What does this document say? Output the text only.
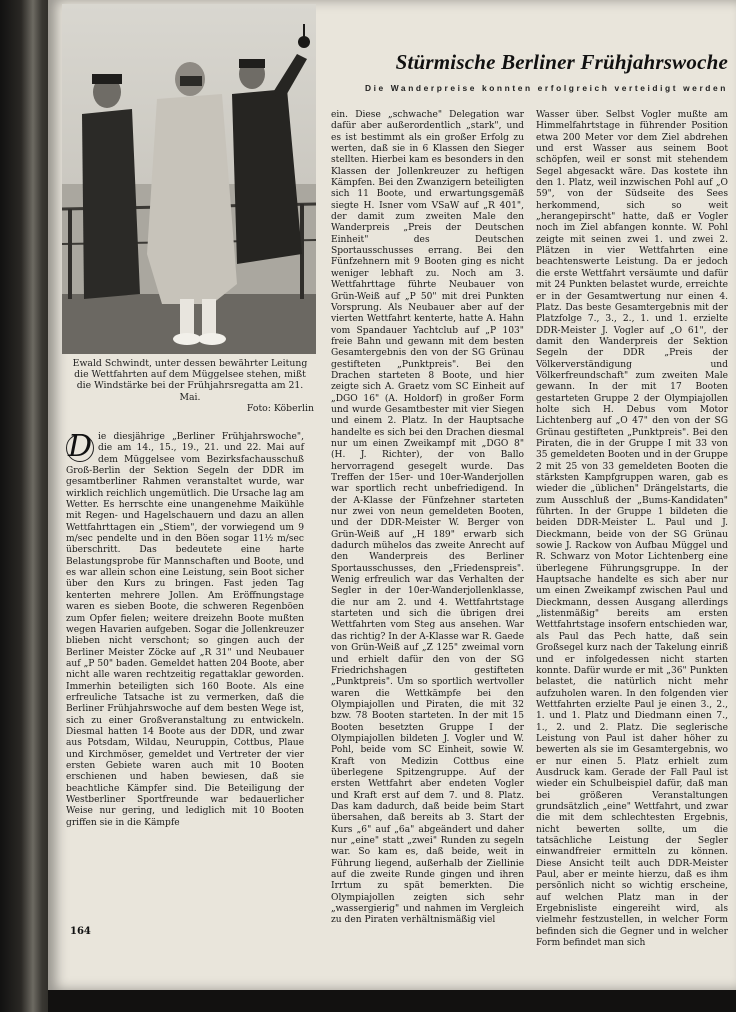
Ewald Schwindt, unter dessen bewährter Leitung die Wettfahrten auf dem Müggelsee stehen, mißt die Windstärke bei der Frühjahrsregatta am 21. Mai.
Foto: Köberlin
Stürmische Berliner Frühjahrswoche
Die Wanderpreise konnten erfolgreich verteidigt werden
D ie diesjährige „Berliner Frühjahrswoche", die am 14., 15., 19., 21. und 22. Mai auf dem Müggelsee vom Bezirksfachausschuß Groß-Berlin der Sektion Segeln der DDR im gesamtberliner Rahmen veranstaltet wurde, war wirklich reichlich ungemütlich. Die Ursache lag am Wetter. Es herrschte eine unangenehme Maikühle mit Regen- und Hagelschauern und dazu an allen Wettfahrttagen ein „Stiem", der vorwiegend um 9 m/sec pendelte und in den Böen sogar 11½ m/sec überschritt. Das bedeutete eine harte Belastungsprobe für Mannschaften und Boote, und es war allein schon eine Leistung, sein Boot sicher über den Kurs zu bringen. Fast jeden Tag kenterten mehrere Jollen. Am Eröffnungstage waren es sieben Boote, die schweren Regenböen zum Opfer fielen; weitere dreizehn Boote mußten wegen Havarien aufgeben. Sogar die Jollenkreuzer blieben nicht verschont; so gingen auch der Berliner Meister Zöcke auf „R 31" und Neubauer auf „P 50" baden. Gemeldet hatten 204 Boote, aber nicht alle waren rechtzeitig regattaklar geworden. Immerhin beteiligten sich 160 Boote. Als eine erfreuliche Tatsache ist zu vermerken, daß die Berliner Frühjahrswoche auf dem besten Wege ist, sich zu einer Großveranstaltung zu entwickeln. Diesmal hatten 14 Boote aus der DDR, und zwar aus Potsdam, Wildau, Neuruppin, Cottbus, Plaue und Kirchmöser, gemeldet und Vertreter der vier ersten Gebiete waren auch mit 10 Booten erschienen und haben bewiesen, daß sie beachtliche Kämpfer sind. Die Beteiligung der Westberliner Sportfreunde war bedauerlicher Weise nur gering, und lediglich mit 10 Booten griffen sie in die Kämpfe
ein. Diese „schwache" Delegation war dafür aber außerordentlich „stark", und es ist bestimmt als ein großer Erfolg zu werten, daß sie in 6 Klassen den Sieger stellten. Hierbei kam es besonders in den Klassen der Jollenkreuzer zu heftigen Kämpfen. Bei den Zwanzigern beteiligten sich 11 Boote, und erwartungsgemäß siegte H. Isner vom VSaW auf „R 401", der damit zum zweiten Male den Wanderpreis „Preis der Deutschen Einheit" des Deutschen Sportausschusses errang. Bei den Fünfzehnern mit 9 Booten ging es nicht weniger lebhaft zu. Noch am 3. Wettfahrttage führte Neubauer von Grün-Weiß auf „P 50" mit drei Punkten Vorsprung. Als Neubauer aber auf der vierten Wettfahrt kenterte, hatte A. Hahn vom Spandauer Yachtclub auf „P 103" freie Bahn und gewann mit dem besten Gesamtergebnis den von der SG Grünau gestifteten „Punktpreis". Bei den Drachen starteten 8 Boote, und hier zeigte sich A. Graetz vom SC Einheit auf „DGO 16" (A. Holdorf) in großer Form und wurde Gesamtbester mit vier Siegen und einem 2. Platz. In der Hauptsache handelte es sich bei den Drachen diesmal nur um einen Zweikampf mit „DGO 8" (H. J. Richter), der von Ballo hervorragend gesegelt wurde. Das Treffen der 15er- und 10er-Wanderjollen war sportlich recht unbefriedigend. In der A-Klasse der Fünfzehner starteten nur zwei von neun gemeldeten Booten, und der DDR-Meister W. Berger von Grün-Weiß auf „H 189" erwarb sich dadurch mühelos das zweite Anrecht auf den Wanderpreis des Berliner Sportausschusses, den „Friedenspreis". Wenig erfreulich war das Verhalten der Segler in der 10er-Wanderjollenklasse, die nur am 2. und 4. Wettfahrtstage starteten und sich die übrigen drei Wettfahrten vom Steg aus ansehen. War das richtig? In der A-Klasse war R. Gaede von Grün-Weiß auf „Z 125" zweimal vorn und erhielt dafür den von der SG Friedrichshagen gestifteten „Punktpreis". Um so sportlich wertvoller waren die Wettkämpfe bei den Olympiajollen und Piraten, die mit 32 bzw. 78 Booten starteten. In der mit 15 Booten besetzten Gruppe I der Olympiajollen bildeten J. Vogler und W. Pohl, beide vom SC Einheit, sowie W. Kraft von Medizin Cottbus eine überlegene Spitzengruppe. Auf der ersten Wettfahrt aber endeten Vogler und Kraft erst auf dem 7. und 8. Platz. Das kam dadurch, daß beide beim Start übersahen, daß bereits ab 3. Start der Kurs „6" auf „6a" abgeändert und daher nur „eine" statt „zwei" Runden zu segeln war. So kam es, daß beide, weit in Führung liegend, außerhalb der Ziellinie auf die zweite Runde gingen und ihren Irrtum zu spät bemerkten. Die Olympiajollen zeigten sich sehr „wassergierig" und nahmen im Vergleich zu den Piraten verhältnismäßig viel
Wasser über. Selbst Vogler mußte am Himmelfahrtstage in führender Position etwa 200 Meter vor dem Ziel abdrehen und erst Wasser aus seinem Boot schöpfen, weil er sonst mit stehendem Segel abgesackt wäre. Das kostete ihn den 1. Platz, weil inzwischen Pohl auf „O 59", von der Südseite des Sees herkommend, sich so weit „herangepirscht" hatte, daß er Vogler noch im Ziel abfangen konnte. W. Pohl zeigte mit seinen zwei 1. und zwei 2. Plätzen in vier Wettfahrten eine beachtenswerte Leistung. Da er jedoch die erste Wettfahrt versäumte und dafür mit 24 Punkten belastet wurde, erreichte er in der Gesamtwertung nur einen 4. Platz. Das beste Gesamtergebnis mit der Platzfolge 7., 3., 2., 1. und 1. erzielte DDR-Meister J. Vogler auf „O 61", der damit den Wanderpreis der Sektion Segeln der DDR „Preis der Völkerverständigung und Völkerfreundschaft" zum zweiten Male gewann. In der mit 17 Booten gestarteten Gruppe 2 der Olympiajollen holte sich H. Debus vom Motor Lichtenberg auf „O 47" den von der SG Grünau gestifteten „Punktpreis". Bei den Piraten, die in der Gruppe I mit 33 von 35 gemeldeten Booten und in der Gruppe 2 mit 25 von 33 gemeldeten Booten die stärksten Kampfgruppen waren, gab es wieder die „üblichen" Drängelstarts, die zum Ausschluß der „Bums-Kandidaten" führten. In der Gruppe 1 bildeten die beiden DDR-Meister L. Paul und J. Dieckmann, beide von der SG Grünau sowie J. Rackow von Aufbau Müggel und R. Schwarz von Motor Lichtenberg eine überlegene Führungsgruppe. In der Hauptsache handelte es sich aber nur um einen Zweikampf zwischen Paul und Dieckmann, dessen Ausgang allerdings „listenmäßig" bereits am ersten Wettfahrtstage insofern entschieden war, als Paul das Pech hatte, daß sein Großsegel kurz nach der Takelung einriß und er infolgedessen nicht starten konnte. Dafür wurde er mit „36" Punkten belastet, die natürlich nicht mehr aufzuholen waren. In den folgenden vier Wettfahrten erzielte Paul je einen 3., 2., 1. und 1. Platz und Diedmann einen 7., 1., 2. und 2. Platz. Die seglerische Leistung von Paul ist daher höher zu bewerten als sie im Gesamtergebnis, wo er nur einen 5. Platz erhielt zum Ausdruck kam. Gerade der Fall Paul ist wieder ein Schulbeispiel dafür, daß man bei größeren Veranstaltungen grundsätzlich „eine" Wettfahrt, und zwar die mit dem schlechtesten Ergebnis, nicht bewerten sollte, um die tatsächliche Leistung der Segler einwandfreier ermitteln zu können. Diese Ansicht teilt auch DDR-Meister Paul, aber er meinte hierzu, daß es ihm persönlich nicht so wichtig erscheine, auf welchen Platz man in der Ergebnisliste eingereiht wird, als vielmehr festzustellen, in welcher Form befinden sich die Gegner und in welcher Form befindet man sich
164
